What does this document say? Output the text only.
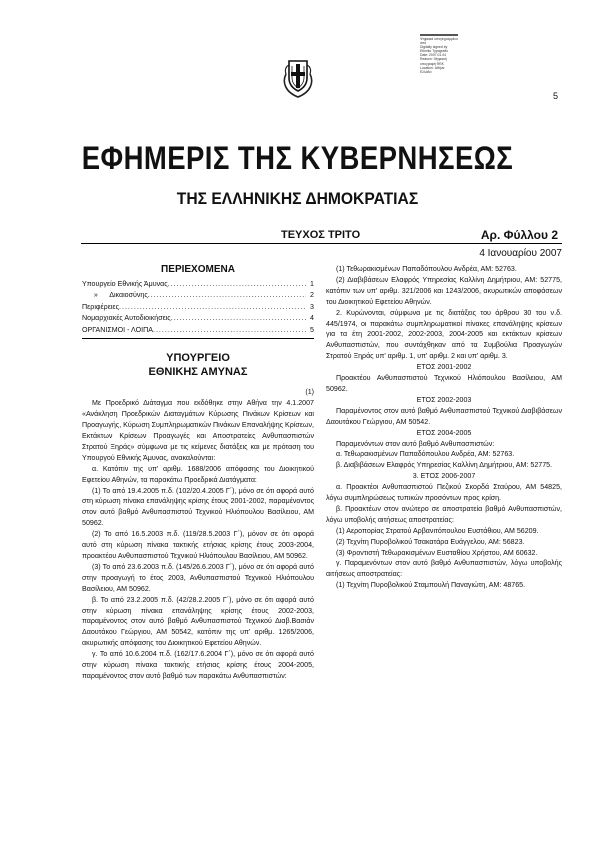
5
Ψηφιακά υπογεγραμμένο
από
Digitally signed by
Ethniko Typografio
Date: 2007.01.04
Reason: Ψηφιακή
υπογραφή ΦΕΚ
Location: Αθήνα
Ελλάδα
ΕΦΗΜΕΡΙΣ ΤΗΣ ΚΥΒΕΡΝΗΣΕΩΣ
ΤΗΣ ΕΛΛΗΝΙΚΗΣ ΔΗΜΟΚΡΑΤΙΑΣ
ΤΕΥΧΟΣ ΤΡΙΤΟ	Αρ. Φύλλου 2
4 Ιανουαρίου 2007
ΠΕΡΙΕΧΟΜΕΝΑ
Υπουργείο Εθνικής Άμυνας .....	1
»      Δικαιοσύνης .....	2
Περιφέρειες .....	3
Νομαρχιακές Αυτοδιοικήσεις .....	4
ΟΡΓΑΝΙΣΜΟΙ - ΛΟΙΠΑ .....	5
ΥΠΟΥΡΓΕΙΟ
ΕΘΝΙΚΗΣ ΑΜΥΝΑΣ

(1)

Με Προεδρικό Διάταγμα που εκδόθηκε στην Αθήνα την 4.1.2007 «Ανάκληση Προεδρικών Διαταγμάτων Κύρωσης Πινάκων Κρίσεων και Προαγωγής, Κύρωση Συμπληρωματικών Πινάκων Επαναλήψης Κρίσεων, Εκτάκτων Κρίσεων Προαγωγές και Αποστρατείες Ανθυπασπιστών Στρατού Ξηράς» σύμφωνα με τις κείμενες διατάξεις και με πρόταση του Υπουργού Εθνικής Άμυνας, ανακαλούνται:

α. Κατόπιν της υπ' αριθμ. 1688/2006 απόφασης του Διοικητικού Εφετείου Αθηνών, τα παρακάτω Προεδρικά Διατάγματα:

(1) Το από 19.4.2005 π.δ. (102/20.4.2005 Γ΄), μόνο σε ότι αφορά αυτό στη κύρωση πίνακα επανάληψης κρίσης έτους 2001-2002, παραμένοντος στον αυτό βαθμό Ανθυπασπιστού Τεχνικού Ηλιόπουλου Βασίλειου, ΑΜ 50962.

(2) Το από 16.5.2003 π.δ. (119/28.5.2003 Γ΄), μόνον σε ότι αφορά αυτό στη κύρωση πίνακα τακτικής ετήσιας κρίσης έτους 2003-2004, προακτέου Ανθυπασπιστού Τεχνικού Ηλιόπουλου Βασίλειου, ΑΜ 50962.

(3) Το από 23.6.2003 π.δ. (145/26.6.2003 Γ΄), μόνο σε ότι αφορά αυτό στην προαγωγή το έτος 2003, Ανθυπασπιστού Τεχνικού Ηλιόπουλου Βασίλειου, ΑΜ 50962.

β. Το από 23.2.2005 π.δ. (42/28.2.2005 Γ΄), μόνο σε ότι αφορά αυτό στην κύρωση πίνακα επανάληψης κρίσης έτους 2002-2003, παραμένοντος στον αυτό βαθμό Ανθυπασπιστού Τεχνικού Διαβ.Βασιάν Δαουτάκου Γεώργιου, ΑΜ 50542, κατόπιν της υπ' αριθμ. 1265/2006, ακυρωτικής απόφασης του Διοικητικού Εφετείου Αθηνών.

γ. Το από 10.6.2004 π.δ. (162/17.6.2004 Γ΄), μόνο σε ότι αφορά αυτό στην κύρωση πίνακα τακτικής ετήσιας κρίσης έτους 2004-2005, παραμένοντος στον αυτό βαθμό των παρακάτω Ανθυπασπιστών:

(1) Τεθωρακισμένων Παπαδόπουλου Ανδρέα, ΑΜ: 52763.

(2) Διαβιβάσεων Ελαφρός Υπηρεσίας Καλλίνη Δημήτριου, ΑΜ: 52775, κατόπιν των υπ' αριθμ. 321/2006 και 1243/2006, ακυρωτικών αποφάσεων του Διοικητικού Εφετείου Αθηνών.

2. Κυρώνονται, σύμφωνα με τις διατάξεις του άρθρου 30 του ν.δ. 445/1974, οι παρακάτω συμπληρωματικοί πίνακες επανάληψης κρίσεων για τα έτη 2001-2002, 2002-2003, 2004-2005 και εκτάκτων κρίσεων Ανθυπασπιστών, που συντάχθηκαν από τα Συμβούλια Προαγωγών Στρατού Ξηράς υπ' αριθμ. 1, υπ' αριθμ. 2 και υπ' αριθμ. 3.

ΕΤΟΣ 2001-2002

Προακτέου Ανθυπασπιστού Τεχνικού Ηλιόπουλου Βασίλειου, ΑΜ 50962.

ΕΤΟΣ 2002-2003

Παραμένοντος στον αυτό βαθμό Ανθυπασπιστού Τεχνικού Διαβιβάσεων Δαουτάκου Γεώργιου, ΑΜ 50542.

ΕΤΟΣ 2004-2005

Παραμενόντων στον αυτό βαθμό Ανθυπασπιστών:

α. Τεθωρακισμένων Παπαδόπουλου Ανδρέα, ΑΜ: 52763.

β. Διαβιβάσεων Ελαφρός Υπηρεσίας Καλλίνη Δημήτριου, ΑΜ: 52775.

3. ΕΤΟΣ 2006-2007

α. Προακτέοι Ανθυπασπιστού Πεζικού Σκορδά Σταύρου, ΑΜ 54825, λόγω συμπληρώσεως τυπικών προσόντων προς κρίση.

β. Προακτέων στον ανώτερο σε αποστρατεία βαθμό Ανθυπασπιστών, λόγω υποβολής αιτήσεως αποστρατείας:

(1) Αεροπορίας Στρατού Αρβανιτόπουλου Ευστάθιου, ΑΜ 56209.

(2) Τεχνίτη Πυροβολικού Τσακατάρα Ευάγγελου, ΑΜ: 56823.

(3) Φροντιστή Τεθωρακισμένων Ευσταθίου Χρήστου, ΑΜ 60632.

γ. Παραμενόντων στον αυτό βαθμό Ανθυπασπιστών, λόγω υποβολής αιτήσεως αποστρατείας:

(1) Τεχνίτη Πυροβολικού Σταμπουλή Παναγιώτη, ΑΜ: 48765.
